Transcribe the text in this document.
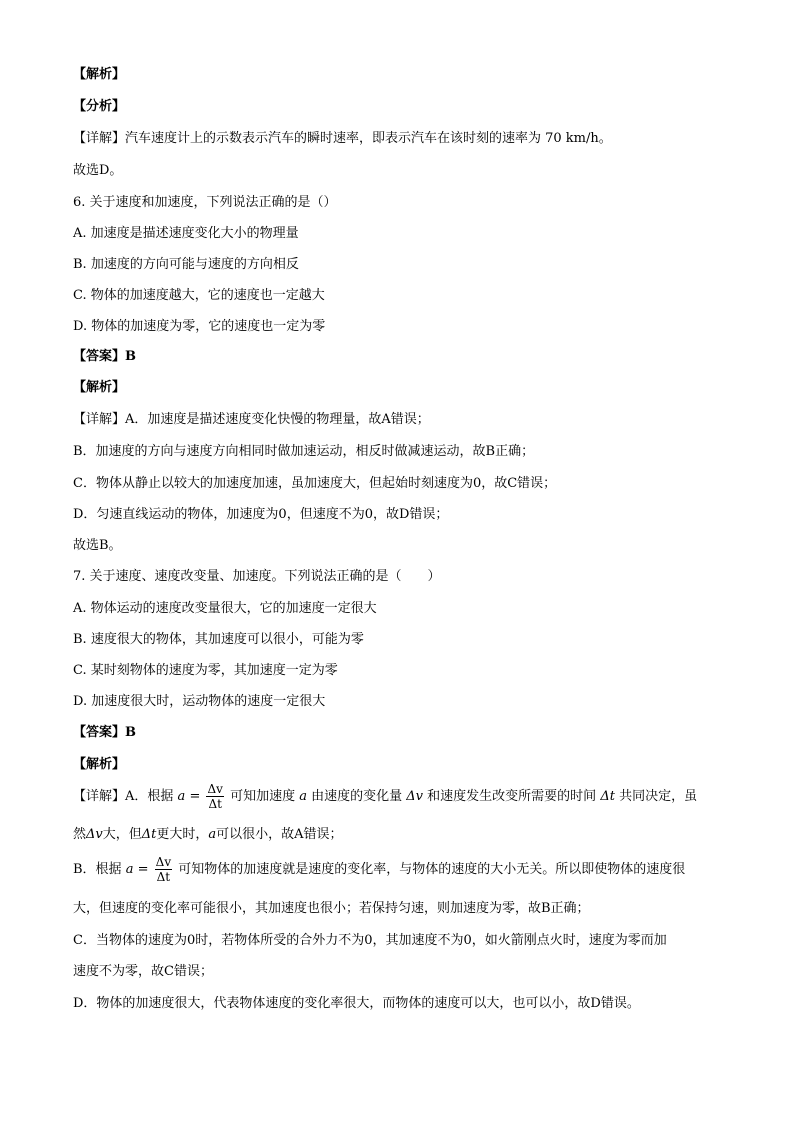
【解析】
【分析】
【详解】汽车速度计上的示数表示汽车的瞬时速率，即表示汽车在该时刻的速率为 70 km/h。
故选D。
6. 关于速度和加速度，下列说法正确的是（）
A. 加速度是描述速度变化大小的物理量
B. 加速度的方向可能与速度的方向相反
C. 物体的加速度越大，它的速度也一定越大
D. 物体的加速度为零，它的速度也一定为零
【答案】B
【解析】
【详解】A．加速度是描述速度变化快慢的物理量，故A错误；
B．加速度的方向与速度方向相同时做加速运动，相反时做减速运动，故B正确；
C．物体从静止以较大的加速度加速，虽加速度大，但起始时刻速度为0，故C错误；
D．匀速直线运动的物体，加速度为0，但速度不为0，故D错误；
故选B。
7. 关于速度、速度改变量、加速度。下列说法正确的是（　　）
A. 物体运动的速度改变量很大，它的加速度一定很大
B. 速度很大的物体，其加速度可以很小，可能为零
C. 某时刻物体的速度为零，其加速度一定为零
D. 加速度很大时，运动物体的速度一定很大
【答案】B
【解析】
【详解】A．根据 $a = \frac{\Delta v}{\Delta t}$ 可知加速度 a 由速度的变化量 Δv 和速度发生改变所需要的时间 Δt 共同决定，虽
然Δv大，但Δt更大时，a可以很小，故A错误；
B．根据 $a = \frac{\Delta v}{\Delta t}$ 可知物体的加速度就是速度的变化率，与物体的速度的大小无关。所以即使物体的速度很
大，但速度的变化率可能很小，其加速度也很小；若保持匀速，则加速度为零，故B正确；
C．当物体的速度为0时，若物体所受的合外力不为0，其加速度不为0，如火箭刚点火时，速度为零而加
速度不为零，故C错误；
D．物体的加速度很大，代表物体速度的变化率很大，而物体的速度可以大，也可以小，故D错误。
